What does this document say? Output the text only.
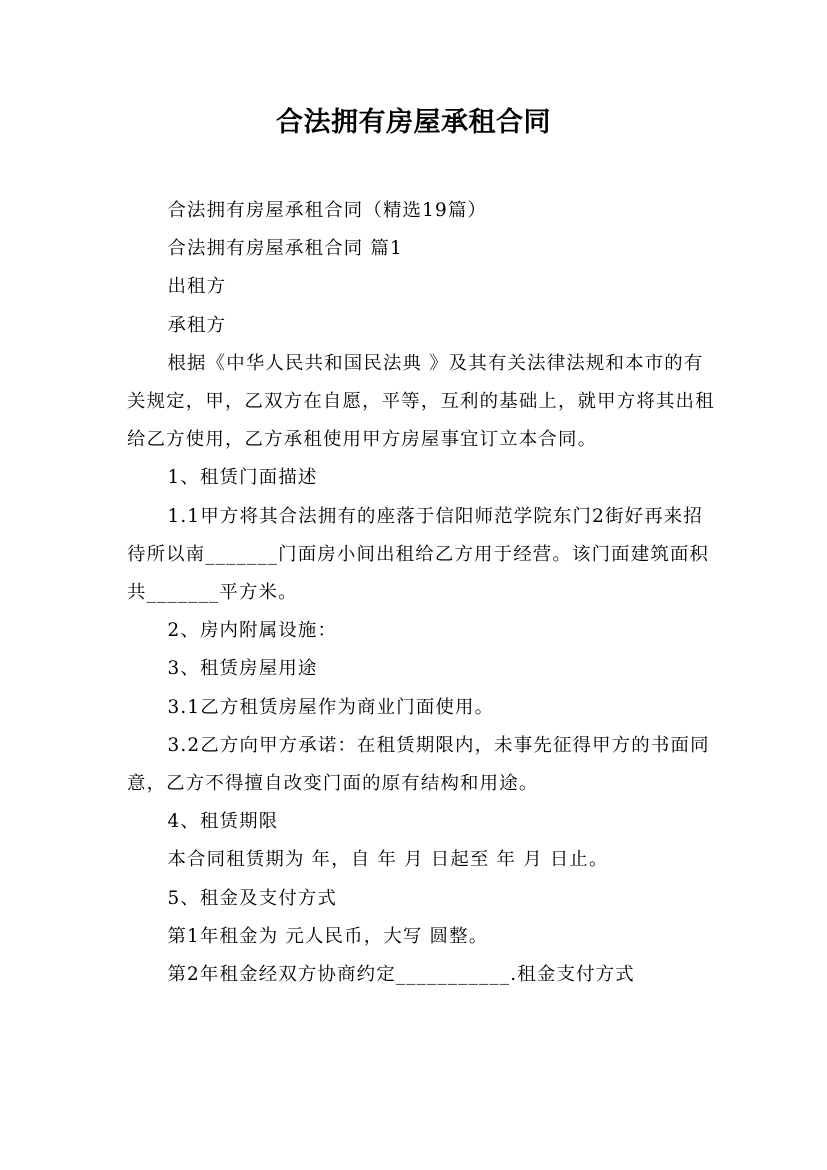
合法拥有房屋承租合同

合法拥有房屋承租合同（精选19篇）

合法拥有房屋承租合同 篇1

出租方

承租方

根据《中华人民共和国民法典 》及其有关法律法规和本市的有关规定，甲，乙双方在自愿，平等，互利的基础上，就甲方将其出租给乙方使用，乙方承租使用甲方房屋事宜订立本合同。

1、租赁门面描述

1.1甲方将其合法拥有的座落于信阳师范学院东门2街好再来招待所以南_______门面房小间出租给乙方用于经营。该门面建筑面积共_______平方米。

2、房内附属设施：

3、租赁房屋用途

3.1乙方租赁房屋作为商业门面使用。

3.2乙方向甲方承诺：在租赁期限内，未事先征得甲方的书面同意，乙方不得擅自改变门面的原有结构和用途。

4、租赁期限

本合同租赁期为 年，自 年 月 日起至 年 月 日止。

5、租金及支付方式

第1年租金为 元人民币，大写 圆整。

第2年租金经双方协商约定___________.租金支付方式
